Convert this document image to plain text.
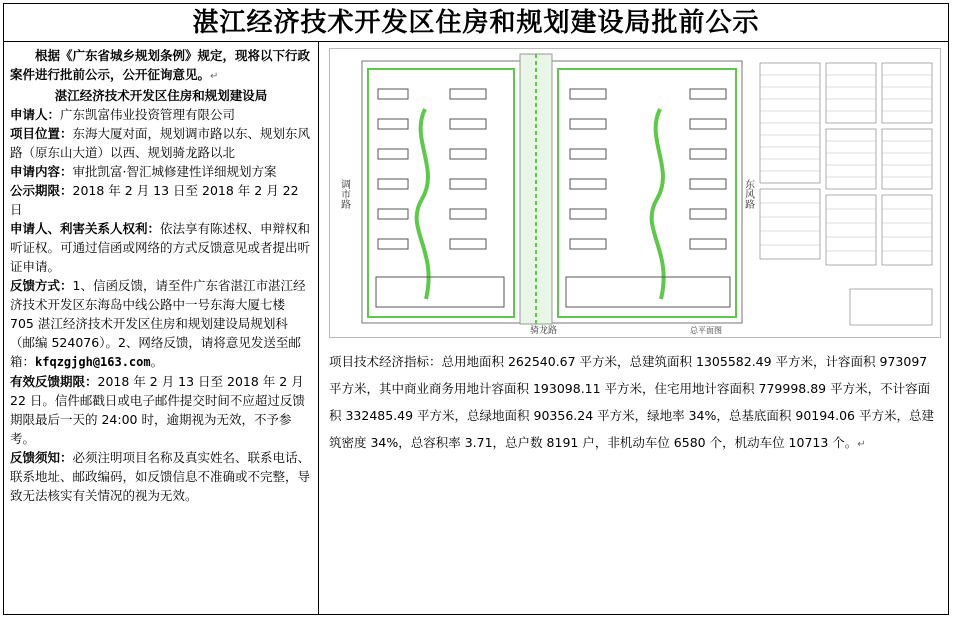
湛江经济技术开发区住房和规划建设局批前公示

根据《广东省城乡规划条例》规定，现将以下行政案件进行批前公示，公开征询意见。↵

湛江经济技术开发区住房和规划建设局

申请人：广东凯富伟业投资管理有限公司

项目位置：东海大厦对面，规划调市路以东、规划东风路（原东山大道）以西、规划骑龙路以北

申请内容：审批凯富·智汇城修建性详细规划方案

公示期限：2018 年 2 月 13 日至 2018 年 2 月 22 日

申请人、利害关系人权利：依法享有陈述权、申辩权和听证权。可通过信函或网络的方式反馈意见或者提出听证申请。

反馈方式：1、信函反馈，请至件广东省湛江市湛江经济技术开发区东海岛中线公路中一号东海大厦七楼 705 湛江经济技术开发区住房和规划建设局规划科（邮编 524076）。2、网络反馈，请将意见发送至邮箱：kfqzgjgh@163.com。

有效反馈期限：2018 年 2 月 13 日至 2018 年 2 月 22 日。信件邮戳日或电子邮件提交时间不应超过反馈期限最后一天的 24:00 时，逾期视为无效，不予参考。

反馈须知：必须注明项目名称及真实姓名、联系电话、联系地址、邮政编码，如反馈信息不准确或不完整，导致无法核实有关情况的视为无效。

调市路	东风路
骑龙路	总平面图
项目技术经济指标：总用地面积 262540.67 平方米，总建筑面积 1305582.49 平方米，计容面积 973097 平方米，其中商业商务用地计容面积 193098.11 平方米，住宅用地计容面积 779998.89 平方米，不计容面积 332485.49 平方米，总绿地面积 90356.24 平方米，绿地率 34%，总基底面积 90194.06 平方米，总建筑密度 34%，总容积率 3.71，总户数 8191 户，非机动车位 6580 个，机动车位 10713 个。↵
